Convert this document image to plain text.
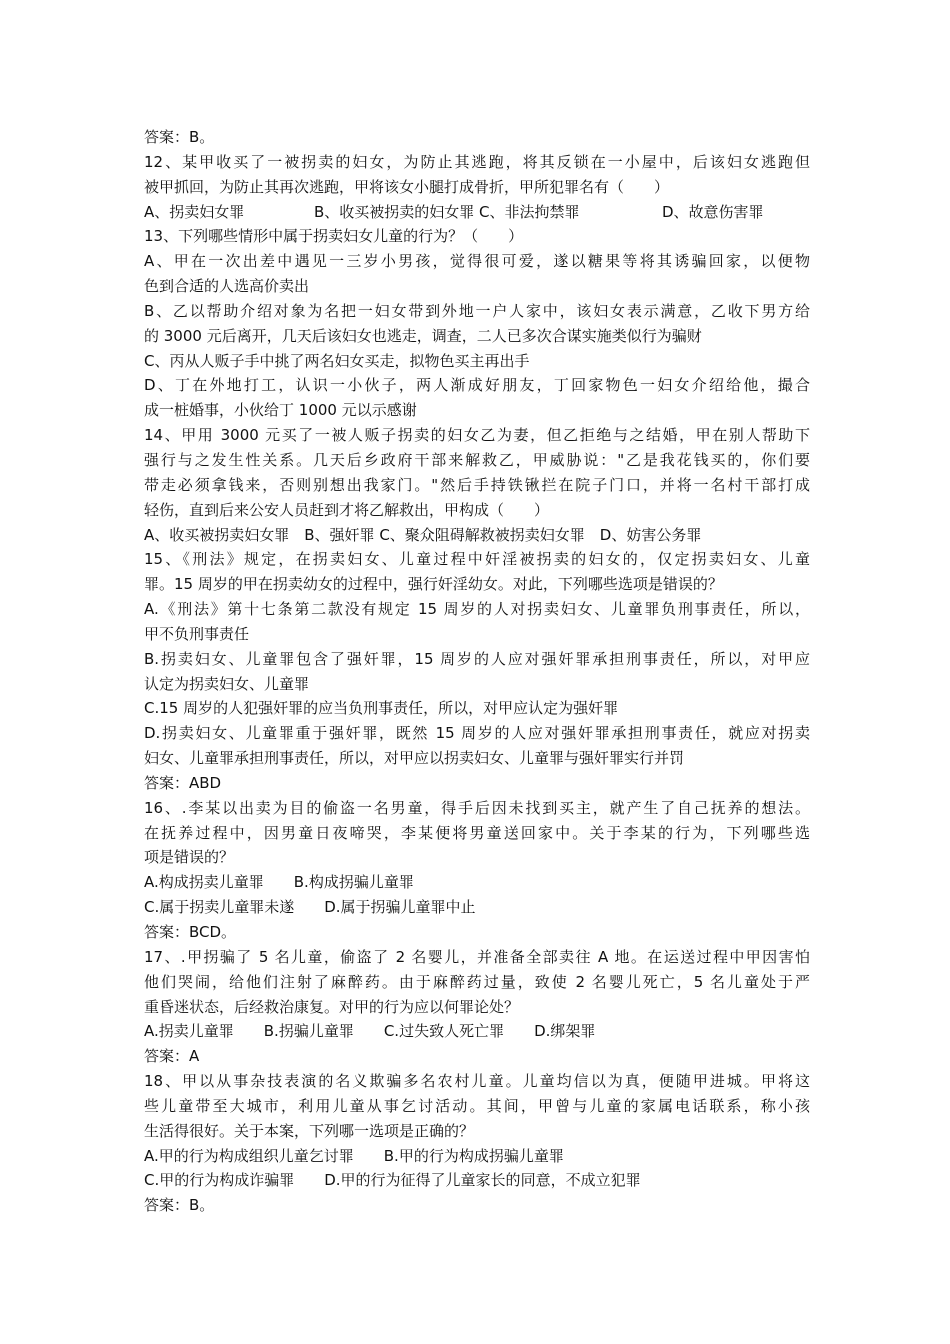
答案：B。
12、某甲收买了一被拐卖的妇女，为防止其逃跑，将其反锁在一小屋中，后该妇女逃跑但
被甲抓回，为防止其再次逃跑，甲将该女小腿打成骨折，甲所犯罪名有（　　）
A、拐卖妇女罪	B、收买被拐卖的妇女罪 C、非法拘禁罪	D、故意伤害罪
13、下列哪些情形中属于拐卖妇女儿童的行为？（　　）
A、甲在一次出差中遇见一三岁小男孩，觉得很可爱，遂以糖果等将其诱骗回家，以便物
色到合适的人选高价卖出
B、乙以帮助介绍对象为名把一妇女带到外地一户人家中，该妇女表示满意，乙收下男方给
的 3000 元后离开，几天后该妇女也逃走，调查，二人已多次合谋实施类似行为骗财
C、丙从人贩子手中挑了两名妇女买走，拟物色买主再出手
D、丁在外地打工，认识一小伙子，两人渐成好朋友，丁回家物色一妇女介绍给他，撮合
成一桩婚事，小伙给丁 1000 元以示感谢
14、甲用 3000 元买了一被人贩子拐卖的妇女乙为妻，但乙拒绝与之结婚，甲在别人帮助下
强行与之发生性关系。几天后乡政府干部来解救乙，甲威胁说："乙是我花钱买的，你们要
带走必须拿钱来，否则别想出我家门。"然后手持铁锹拦在院子门口，并将一名村干部打成
轻伤，直到后来公安人员赶到才将乙解救出，甲构成（　　）
A、收买被拐卖妇女罪　B、强奸罪 C、聚众阻碍解救被拐卖妇女罪　D、妨害公务罪
15、《刑法》规定，在拐卖妇女、儿童过程中奸淫被拐卖的妇女的，仅定拐卖妇女、儿童
罪。15 周岁的甲在拐卖幼女的过程中，强行奸淫幼女。对此，下列哪些选项是错误的？
A.《刑法》第十七条第二款没有规定 15 周岁的人对拐卖妇女、儿童罪负刑事责任，所以，
甲不负刑事责任
B.拐卖妇女、儿童罪包含了强奸罪，15 周岁的人应对强奸罪承担刑事责任，所以，对甲应
认定为拐卖妇女、儿童罪
C.15 周岁的人犯强奸罪的应当负刑事责任，所以，对甲应认定为强奸罪
D.拐卖妇女、儿童罪重于强奸罪，既然 15 周岁的人应对强奸罪承担刑事责任，就应对拐卖
妇女、儿童罪承担刑事责任，所以，对甲应以拐卖妇女、儿童罪与强奸罪实行并罚
答案：ABD
16、.李某以出卖为目的偷盗一名男童，得手后因未找到买主，就产生了自己抚养的想法。
在抚养过程中，因男童日夜啼哭，李某便将男童送回家中。关于李某的行为，下列哪些选
项是错误的？
A.构成拐卖儿童罪　　B.构成拐骗儿童罪
C.属于拐卖儿童罪未遂　　D.属于拐骗儿童罪中止
答案：BCD。
17、.甲拐骗了 5 名儿童，偷盗了 2 名婴儿，并准备全部卖往 A 地。在运送过程中甲因害怕
他们哭闹，给他们注射了麻醉药。由于麻醉药过量，致使 2 名婴儿死亡，5 名儿童处于严
重昏迷状态，后经救治康复。对甲的行为应以何罪论处？
A.拐卖儿童罪　　B.拐骗儿童罪　　C.过失致人死亡罪　　D.绑架罪
答案：A
18、甲以从事杂技表演的名义欺骗多名农村儿童。儿童均信以为真，便随甲进城。甲将这
些儿童带至大城市，利用儿童从事乞讨活动。其间，甲曾与儿童的家属电话联系，称小孩
生活得很好。关于本案，下列哪一选项是正确的？
A.甲的行为构成组织儿童乞讨罪　　B.甲的行为构成拐骗儿童罪
C.甲的行为构成诈骗罪　　D.甲的行为征得了儿童家长的同意，不成立犯罪
答案：B。
